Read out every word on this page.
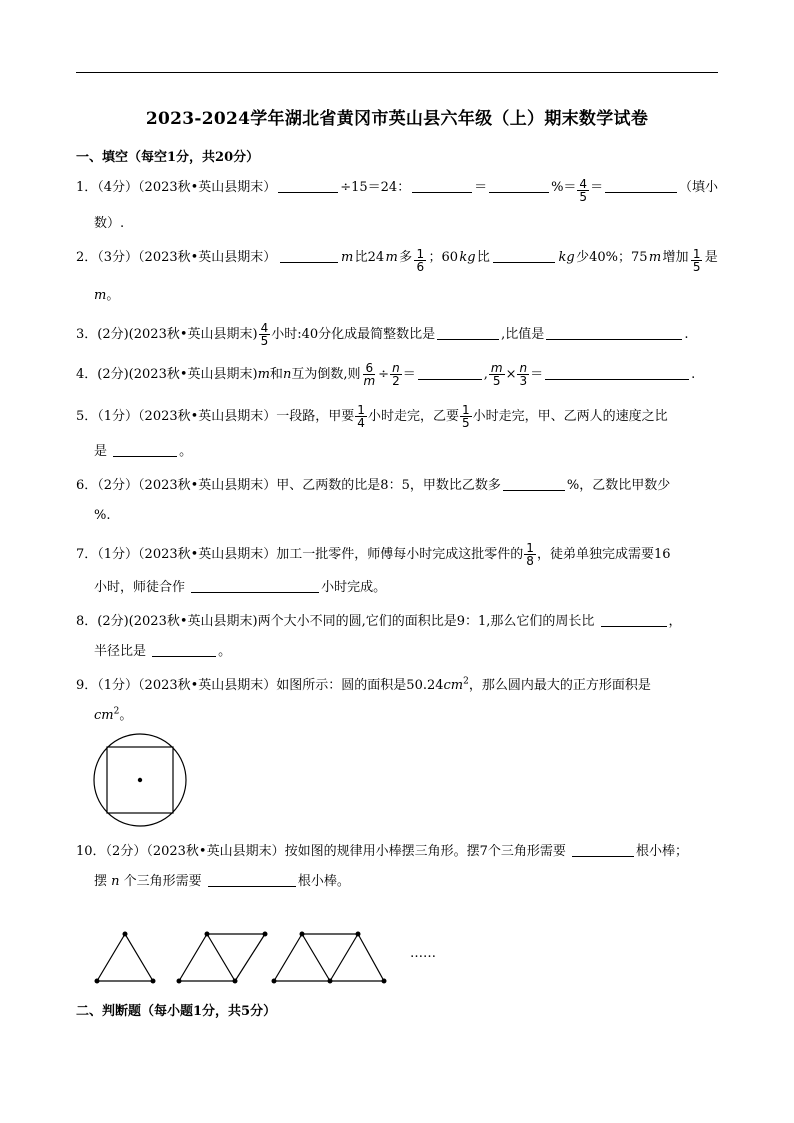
2023-2024学年湖北省黄冈市英山县六年级（上）期末数学试卷
一、填空（每空1分，共20分）
1．（4分）（2023秋•英山县期末）	÷15＝24：	＝	%＝ $\frac{4}{5}$ ＝	（填小
数）.
2．（3分）（2023秋•英山县期末）	m 比24 m 多 $\frac{1}{6}$ ；60 kg 比	kg 少40%；75 m 增加 $\frac{1}{5}$ 是
m。
3．(2分)(2023秋•英山县期末) $\frac{4}{5}$ 小时:40分化成最简整数比是	,比值是	.
4．(2分)(2023秋•英山县期末)m和n互为倒数,则 $\frac{6}{m} \div \frac{n}{2}$ ＝	, $\frac{m}{5} \times \frac{n}{3}$ ＝	.
5．（1分）（2023秋•英山县期末）一段路，甲要 $\frac{1}{4}$ 小时走完，乙要 $\frac{1}{5}$ 小时走完，甲、乙两人的速度之比
是	。
6．（2分）（2023秋•英山县期末）甲、乙两数的比是8：5，甲数比乙数多	%，乙数比甲数少
%.
7．（1分）（2023秋•英山县期末）加工一批零件，师傅每小时完成这批零件的 $\frac{1}{8}$ ，徒弟单独完成需要16
小时，师徒合作	小时完成。
8．(2分)(2023秋•英山县期末)两个大小不同的圆,它们的面积比是9：1,那么它们的周长比	，
半径比是	。
9．（1分）（2023秋•英山县期末）如图所示：圆的面积是$50.24cm^2$，那么圆内最大的正方形面积是
$cm^2$。
10．（2分）（2023秋•英山县期末）按如图的规律用小棒摆三角形。摆7个三角形需要	根小棒；
摆 n 个三角形需要	根小棒。
……
二、判断题（每小题1分，共5分）
